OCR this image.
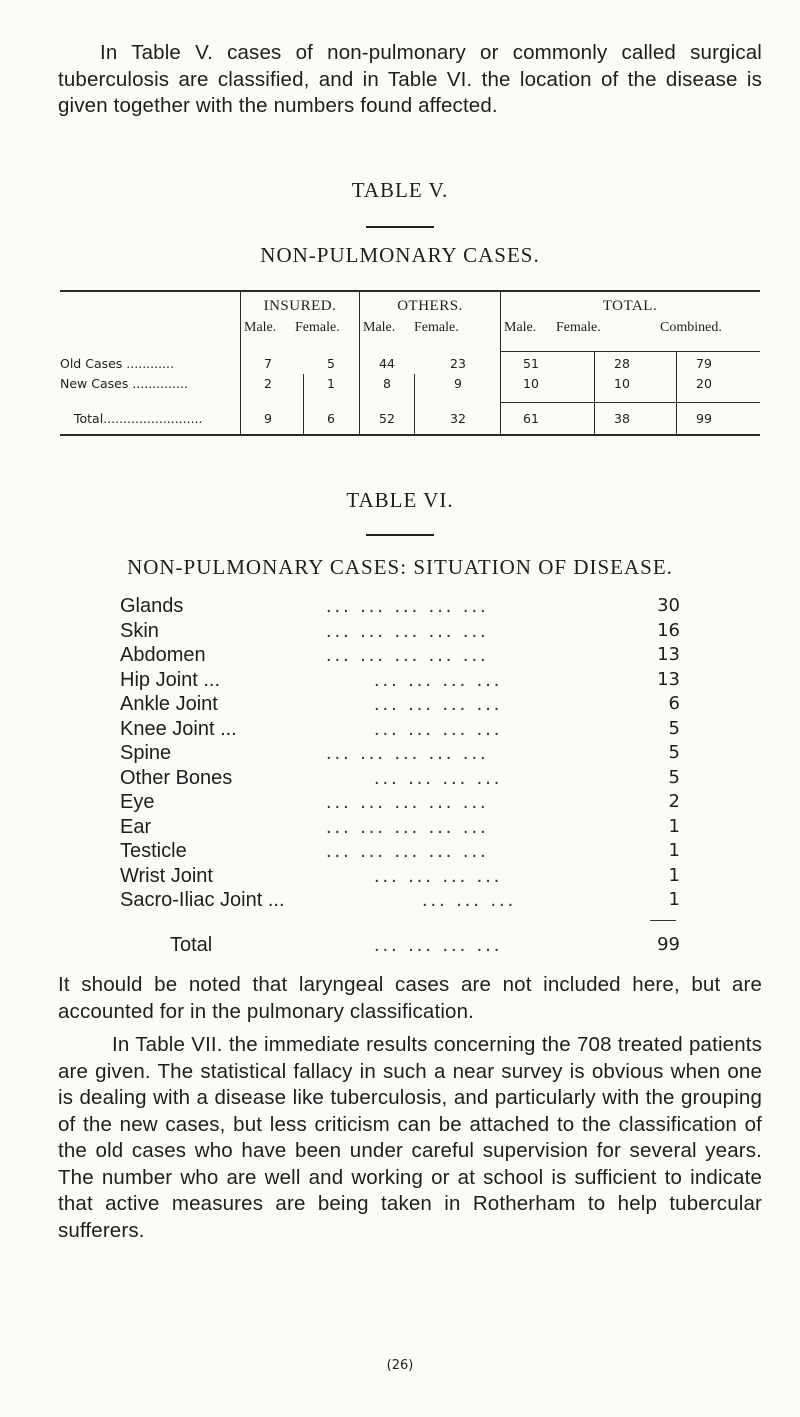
In Table V. cases of non-pulmonary or commonly called surgical tuberculosis are classified, and in Table VI. the location of the disease is given together with the numbers found affected.

TABLE V.
NON-PULMONARY CASES.
INSURED.	OTHERS.	TOTAL.
Male. Female. Male. Female.	Male. Female.	Combined.
Old Cases ............	7	5	44	23	51	28	79
New Cases ..............	2	1	8	9	10	10	20
Total.........................	9	6	52	32	61	38	99
TABLE VI.
NON-PULMONARY CASES: SITUATION OF DISEASE.
Glands	... ... ... ... ...	30
Skin	... ... ... ... ...	16
Abdomen	... ... ... ... ...	13
Hip Joint ...	... ... ... ...	13
Ankle Joint	... ... ... ...	6
Knee Joint ...	... ... ... ...	5
Spine	... ... ... ... ...	5
Other Bones	... ... ... ...	5
Eye	... ... ... ... ...	2
Ear	... ... ... ... ...	1
Testicle	... ... ... ... ...	1
Wrist Joint	... ... ... ...	1
Sacro-Iliac Joint ...	... ... ...	1
Total	... ... ... ...	99

It should be noted that laryngeal cases are not included here, but are accounted for in the pulmonary classification.

In Table VII. the immediate results concerning the 708 treated patients are given. The statistical fallacy in such a near survey is obvious when one is dealing with a disease like tuberculosis, and particularly with the grouping of the new cases, but less criticism can be attached to the classification of the old cases who have been under careful supervision for several years. The number who are well and working or at school is sufficient to indicate that active measures are being taken in Rotherham to help tubercular sufferers.

(26)
